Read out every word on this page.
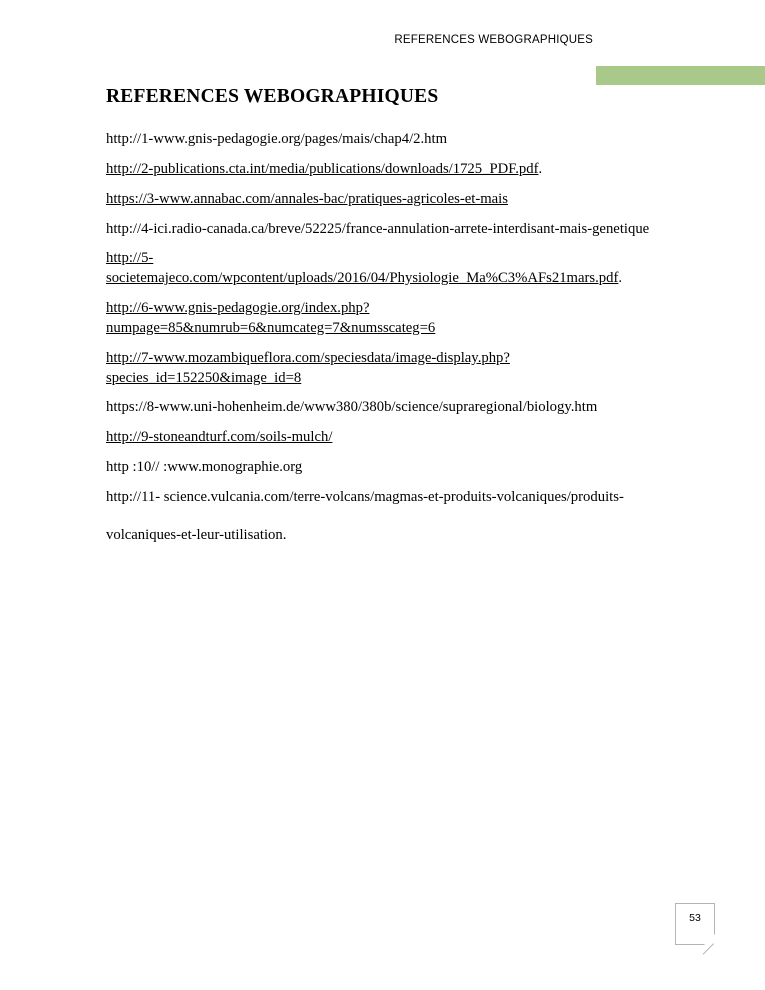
REFERENCES WEBOGRAPHIQUES
REFERENCES WEBOGRAPHIQUES
http://1-www.gnis-pedagogie.org/pages/mais/chap4/2.htm
http://2-publications.cta.int/media/publications/downloads/1725_PDF.pdf.
https://3-www.annabac.com/annales-bac/pratiques-agricoles-et-mais
http://4-ici.radio-canada.ca/breve/52225/france-annulation-arrete-interdisant-mais-genetique
http://5-societemajeco.com/wpcontent/uploads/2016/04/Physiologie_Ma%C3%AFs21mars.pdf.
http://6-www.gnis-pedagogie.org/index.php?numpage=85&numrub=6&numcateg=7&numsscateg=6
http://7-www.mozambiqueflora.com/speciesdata/image-display.php?species_id=152250&image_id=8
https://8-www.uni-hohenheim.de/www380/380b/science/supraregional/biology.htm
http://9-stoneandturf.com/soils-mulch/
http :10// :www.monographie.org
http://11- science.vulcania.com/terre-volcans/magmas-et-produits-volcaniques/produits-
volcaniques-et-leur-utilisation.
53
